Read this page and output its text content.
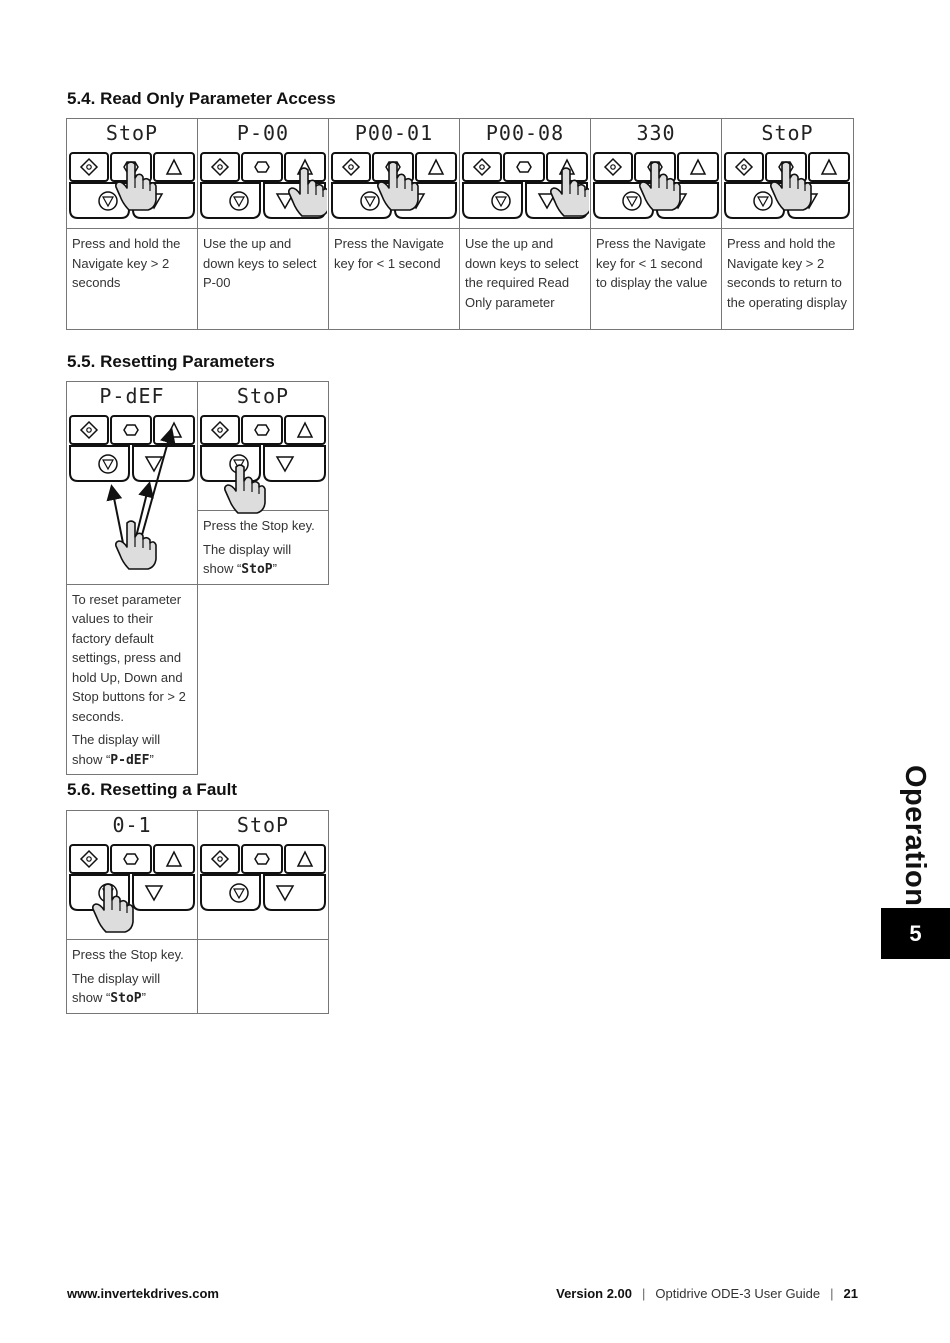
5.4. Read Only Parameter Access
StoP	P-00	P00-01	P00-08	330	StoP

Press and hold the Navigate key > 2 seconds	Use the up and down keys to select P-00	Press the Navigate key for < 1 second	Use the up and down keys to select the required Read Only parameter	Press the Navigate key for < 1 second to display the value	Press and hold the Navigate key > 2 seconds to return to the operating display
5.5. Resetting Parameters
P-dEF	StoP

	Press the Stop key.

The display will show “StoP”

To reset parameter values to their factory default settings, press and hold Up, Down and Stop buttons for > 2 seconds.

The display will show “P-dEF”	

5.6. Resetting a Fault
0-1	StoP

Press the Stop key.

The display will show “StoP”	

Operation
5
www.invertekdrives.com	Version 2.00 | Optidrive ODE-3 User Guide | 21
